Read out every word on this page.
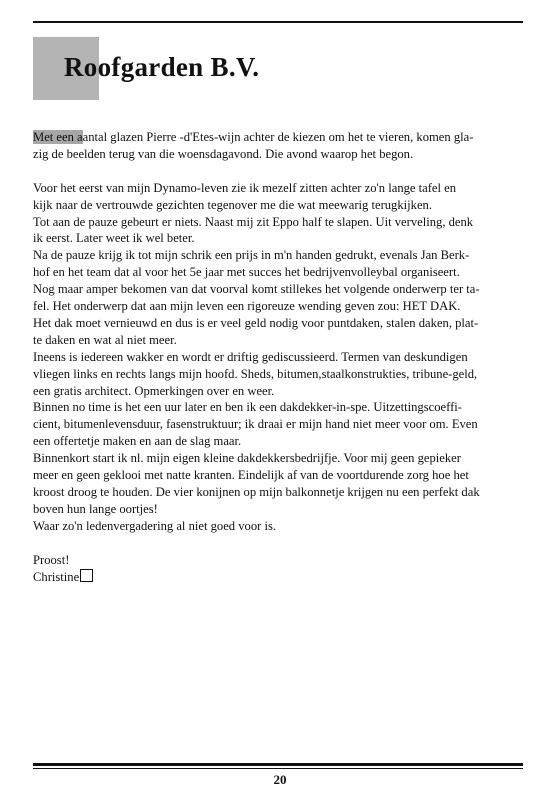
Roofgarden B.V.

Met een aantal glazen Pierre -d'Etes-wijn achter de kiezen om het te vieren, komen gla-

zig de beelden terug van die woensdagavond. Die avond waarop het begon.

Voor het eerst van mijn Dynamo-leven zie ik mezelf zitten achter zo'n lange tafel en

kijk naar de vertrouwde gezichten tegenover me die wat meewarig terugkijken.

Tot aan de pauze gebeurt er niets. Naast mij zit Eppo half te slapen. Uit verveling, denk

ik eerst. Later weet ik wel beter.

Na de pauze krijg ik tot mijn schrik een prijs in m'n handen gedrukt, evenals Jan Berk-

hof en het team dat al voor het 5e jaar met succes het bedrijvenvolleybal organiseert.

Nog maar amper bekomen van dat voorval komt stillekes het volgende onderwerp ter ta-

fel. Het onderwerp dat aan mijn leven een rigoreuze wending geven zou: HET DAK.

Het dak moet vernieuwd en dus is er veel geld nodig voor puntdaken, stalen daken, plat-

te daken en wat al niet meer.

Ineens is iedereen wakker en wordt er driftig gediscussieerd. Termen van deskundigen

vliegen links en rechts langs mijn hoofd. Sheds, bitumen,staalkonstrukties, tribune-geld,

een gratis architect. Opmerkingen over en weer.

Binnen no time is het een uur later en ben ik een dakdekker-in-spe. Uitzettingscoeffi-

cient, bitumenlevensduur, fasenstruktuur; ik draai er mijn hand niet meer voor om. Even

een offertetje maken en aan de slag maar.

Binnenkort start ik nl. mijn eigen kleine dakdekkersbedrijfje. Voor mij geen gepieker

meer en geen geklooi met natte kranten. Eindelijk af van de voortdurende zorg hoe het

kroost droog te houden. De vier konijnen op mijn balkonnetje krijgen nu een perfekt dak

boven hun lange oortjes!

Waar zo'n ledenvergadering al niet goed voor is.

Proost!

Christine

20
